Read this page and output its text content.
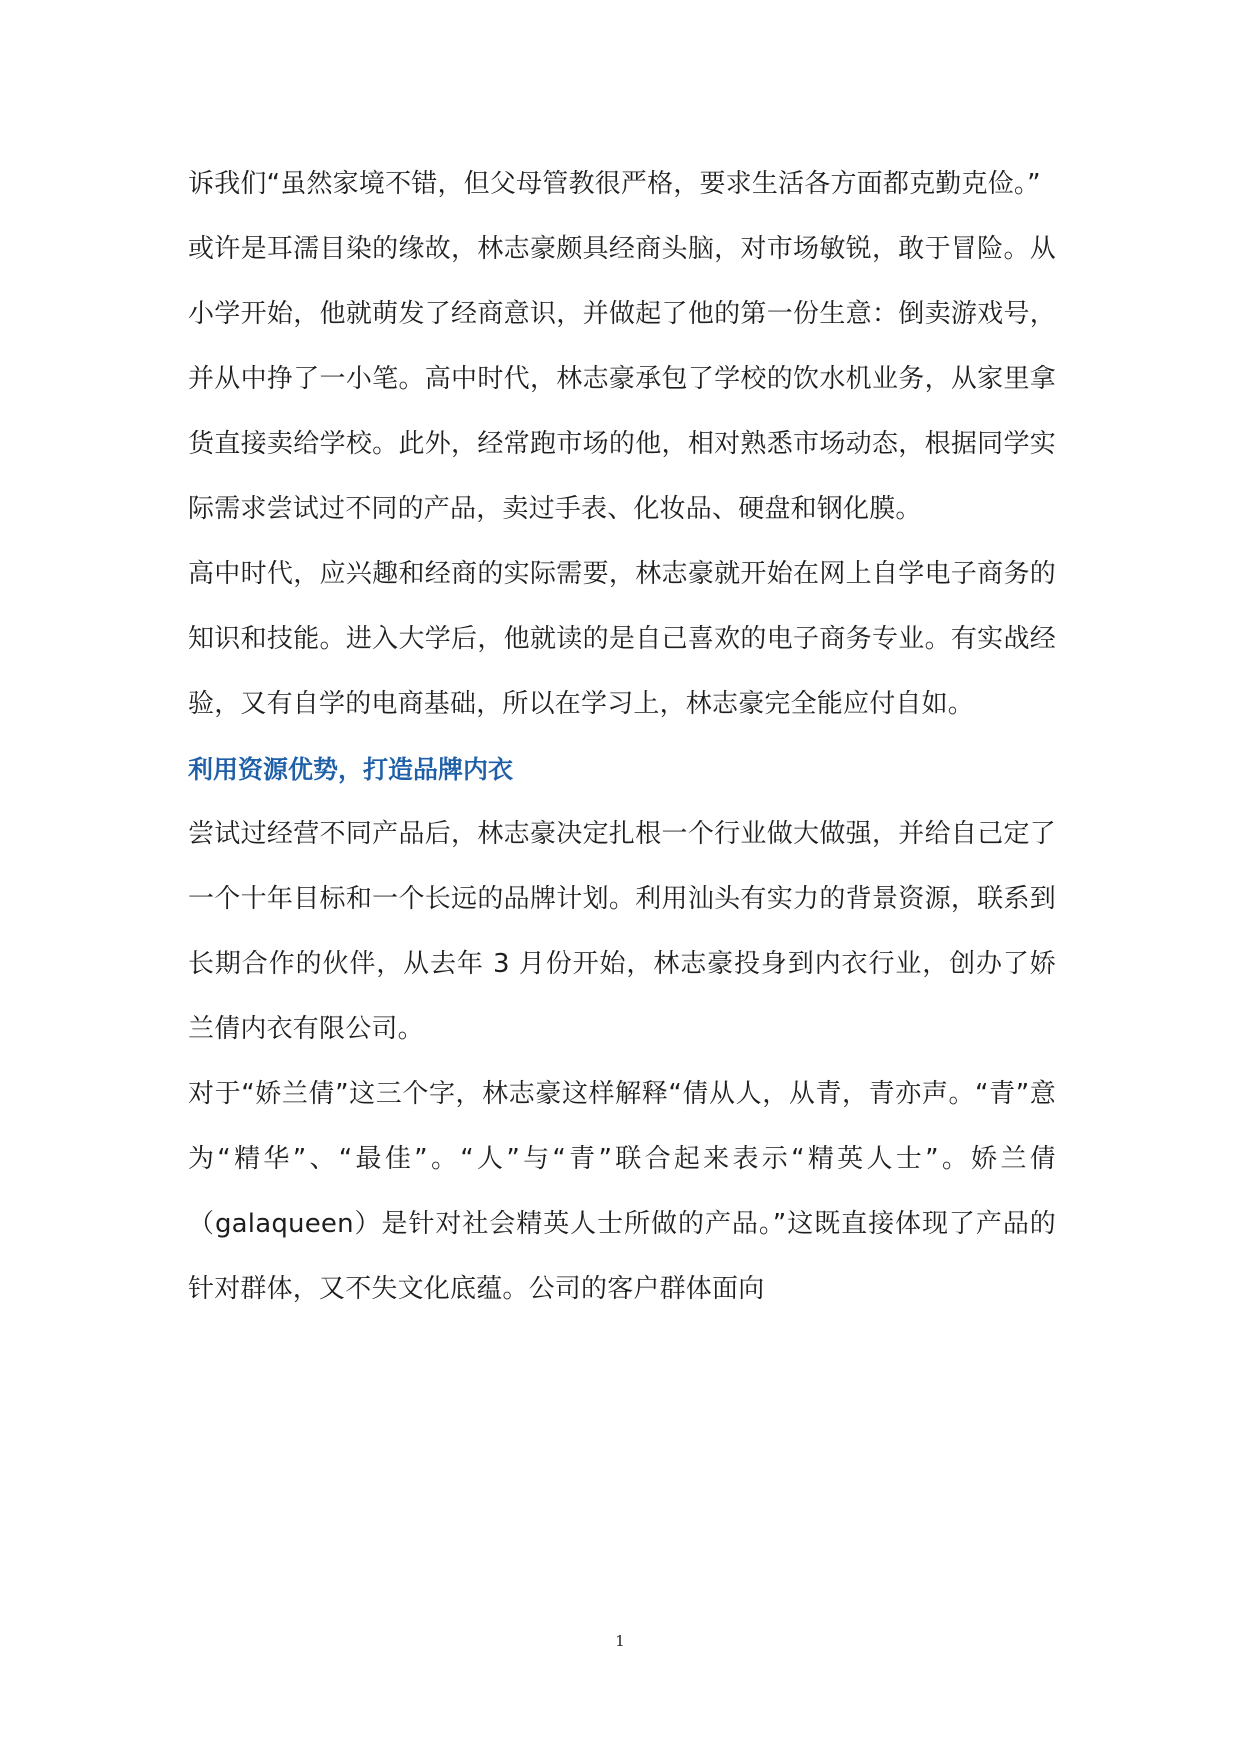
诉我们“虽然家境不错，但父母管教很严格，要求生活各方面都克勤克俭。”

或许是耳濡目染的缘故，林志豪颇具经商头脑，对市场敏锐，敢于冒险。从小学开始，他就萌发了经商意识，并做起了他的第一份生意：倒卖游戏号，并从中挣了一小笔。高中时代，林志豪承包了学校的饮水机业务，从家里拿货直接卖给学校。此外，经常跑市场的他，相对熟悉市场动态，根据同学实际需求尝试过不同的产品，卖过手表、化妆品、硬盘和钢化膜。

高中时代，应兴趣和经商的实际需要，林志豪就开始在网上自学电子商务的知识和技能。进入大学后，他就读的是自己喜欢的电子商务专业。有实战经验，又有自学的电商基础，所以在学习上，林志豪完全能应付自如。

利用资源优势，打造品牌内衣

尝试过经营不同产品后，林志豪决定扎根一个行业做大做强，并给自己定了一个十年目标和一个长远的品牌计划。利用汕头有实力的背景资源，联系到长期合作的伙伴，从去年 3 月份开始，林志豪投身到内衣行业，创办了娇兰倩内衣有限公司。

对于“娇兰倩”这三个字，林志豪这样解释“倩从人，从青，青亦声。“青”意为“精华”、“最佳”。“人”与“青”联合起来表示“精英人士”。娇兰倩（galaqueen）是针对社会精英人士所做的产品。”这既直接体现了产品的针对群体，又不失文化底蕴。公司的客户群体面向

1
